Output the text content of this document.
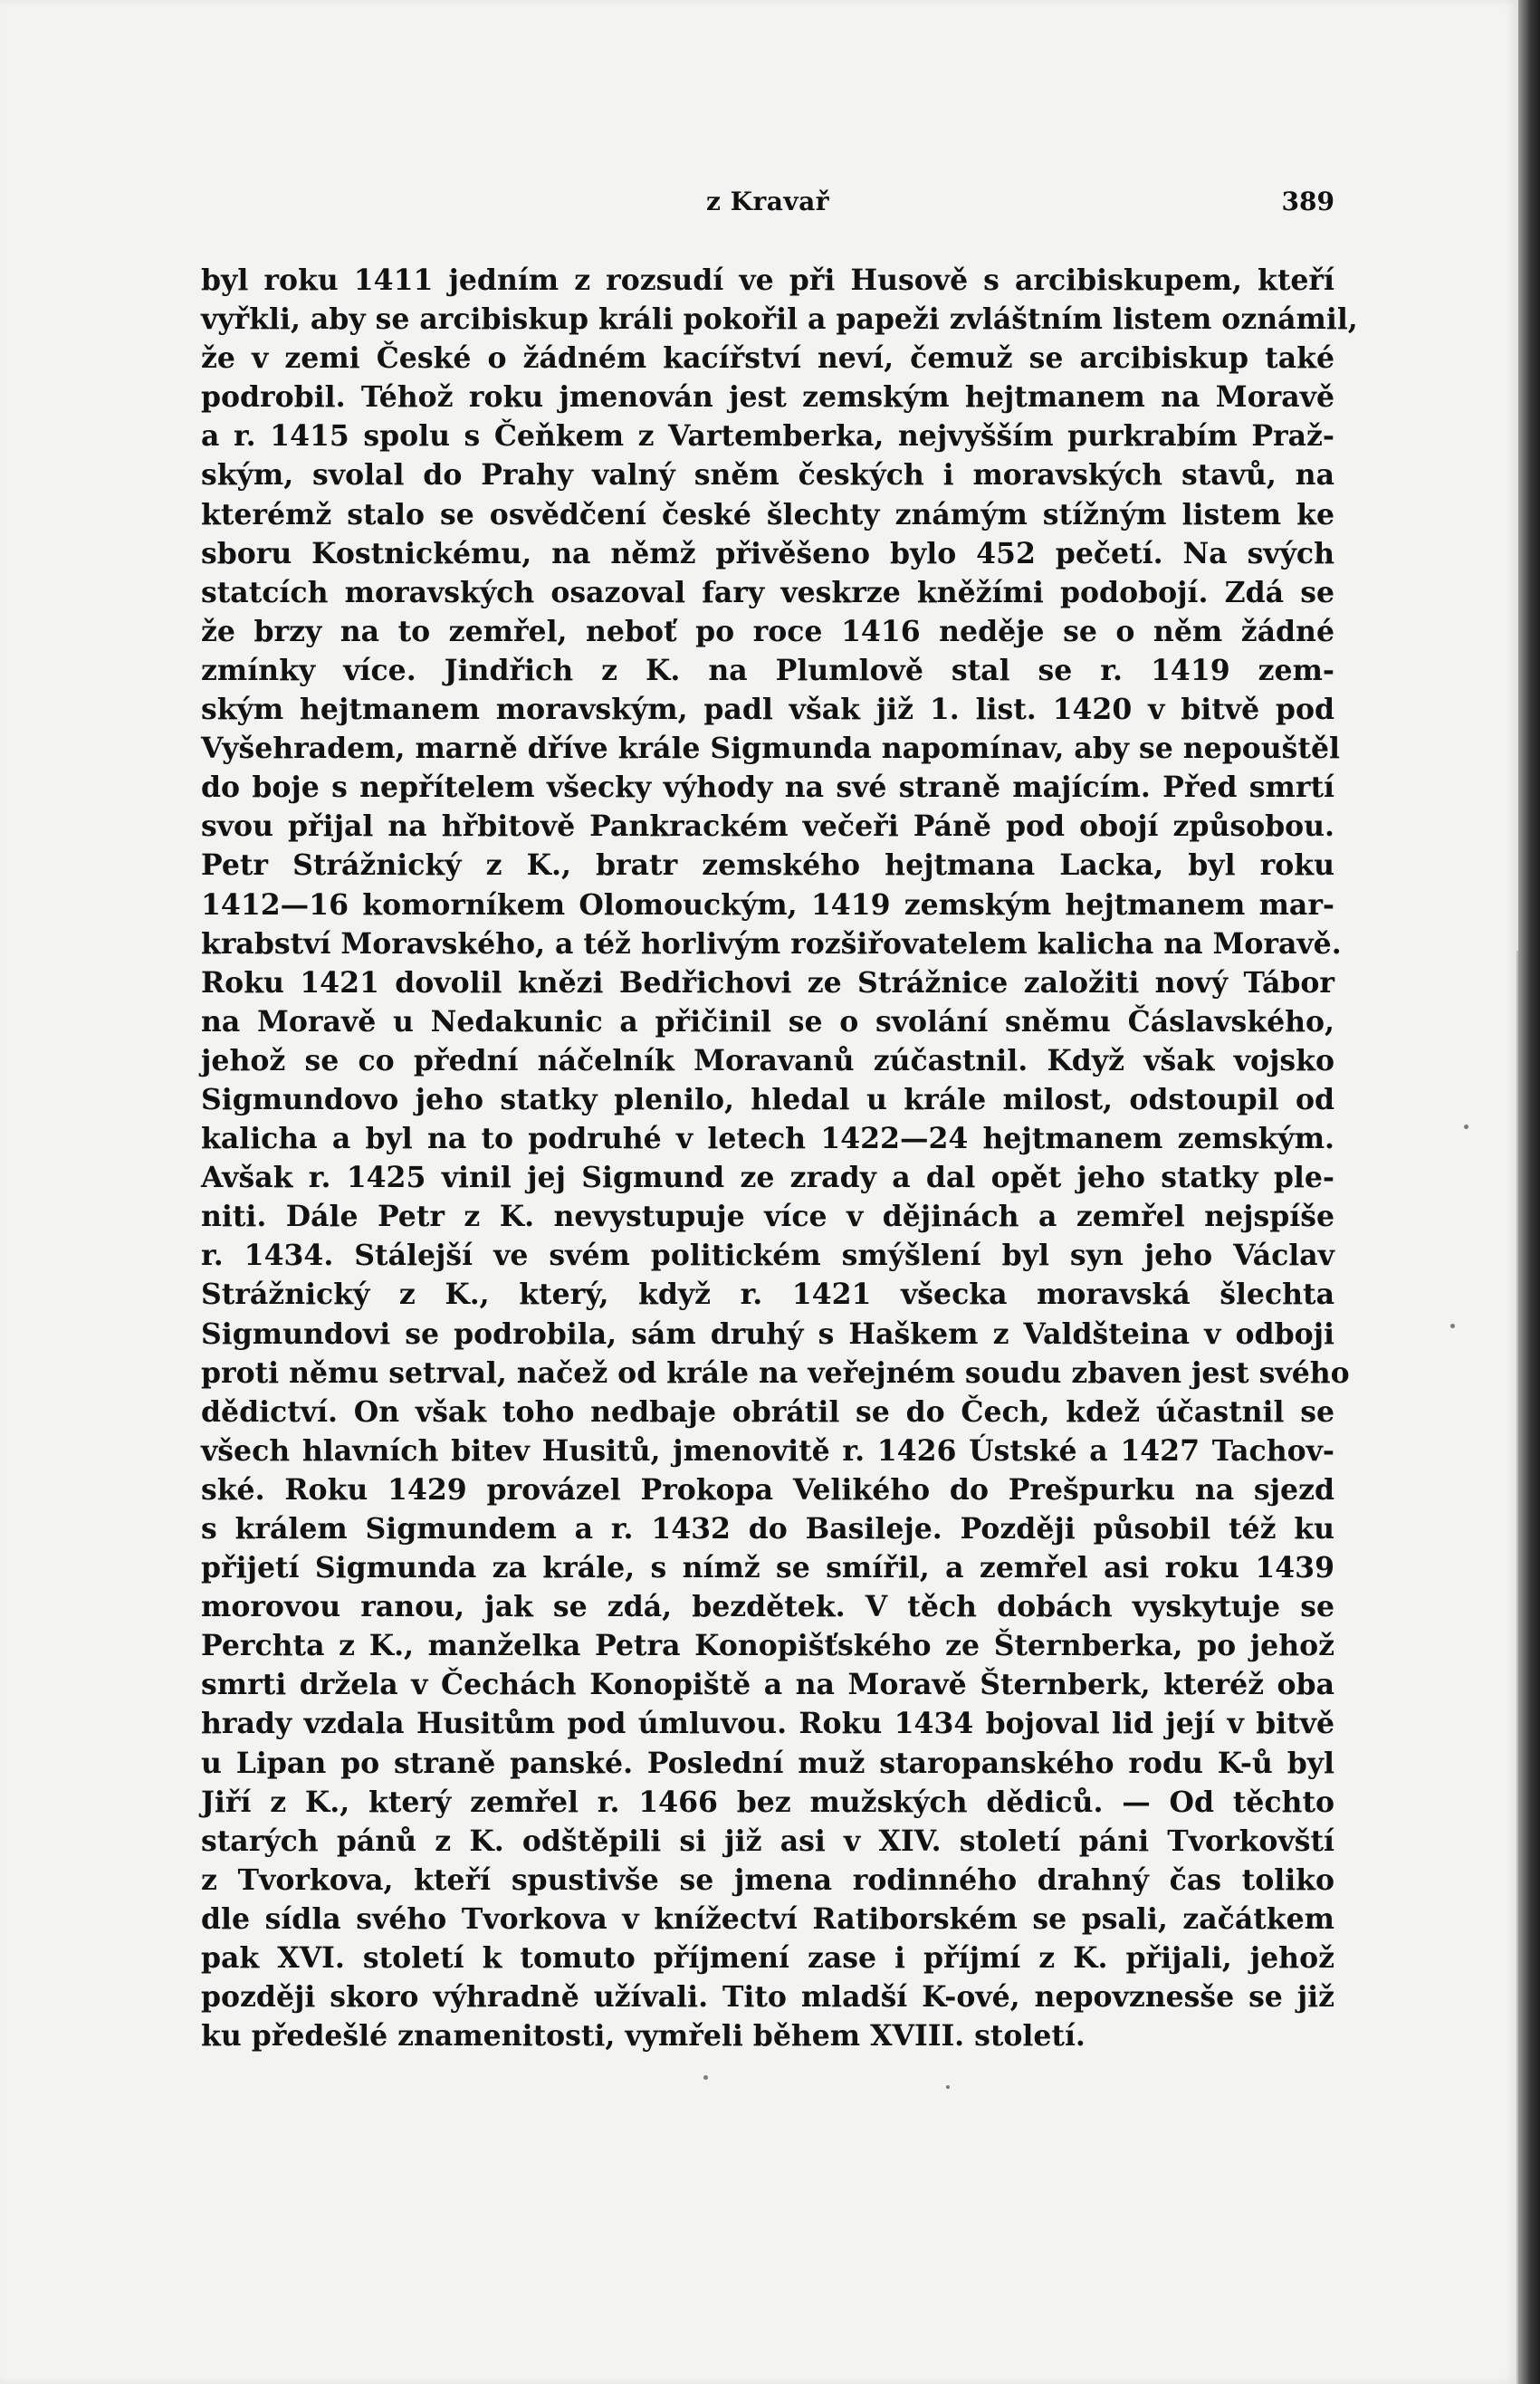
z Kravař	389
byl roku 1411 jedním z rozsudí ve při Husově s arcibiskupem, kteří
vyřkli, aby se arcibiskup králi pokořil a papeži zvláštním listem oznámil,
že v zemi České o žádném kacířství neví, čemuž se arcibiskup také
podrobil. Téhož roku jmenován jest zemským hejtmanem na Moravě
a r. 1415 spolu s Čeňkem z Vartemberka, nejvyšším purkrabím Praž-
ským, svolal do Prahy valný sněm českých i moravských stavů, na
kterémž stalo se osvědčení české šlechty známým stížným listem ke
sboru Kostnickému, na němž přivěšeno bylo 452 pečetí. Na svých
statcích moravských osazoval fary veskrze kněžími podobojí. Zdá se
že brzy na to zemřel, neboť po roce 1416 neděje se o něm žádné
zmínky více. Jindřich z K. na Plumlově stal se r. 1419 zem-
ským hejtmanem moravským, padl však již 1. list. 1420 v bitvě pod
Vyšehradem, marně dříve krále Sigmunda napomínav, aby se nepouštěl
do boje s nepřítelem všecky výhody na své straně majícím. Před smrtí
svou přijal na hřbitově Pankrackém večeři Páně pod obojí způsobou.
Petr Strážnický z K., bratr zemského hejtmana Lacka, byl roku
1412—16 komorníkem Olomouckým, 1419 zemským hejtmanem mar-
krabství Moravského, a též horlivým rozšiřovatelem kalicha na Moravě.
Roku 1421 dovolil knězi Bedřichovi ze Strážnice založiti nový Tábor
na Moravě u Nedakunic a přičinil se o svolání sněmu Čáslavského,
jehož se co přední náčelník Moravanů zúčastnil. Když však vojsko
Sigmundovo jeho statky plenilo, hledal u krále milost, odstoupil od
kalicha a byl na to podruhé v letech 1422—24 hejtmanem zemským.
Avšak r. 1425 vinil jej Sigmund ze zrady a dal opět jeho statky ple-
niti. Dále Petr z K. nevystupuje více v dějinách a zemřel nejspíše
r. 1434. Stálejší ve svém politickém smýšlení byl syn jeho Václav
Strážnický z K., který, když r. 1421 všecka moravská šlechta
Sigmundovi se podrobila, sám druhý s Haškem z Valdšteina v odboji
proti němu setrval, načež od krále na veřejném soudu zbaven jest svého
dědictví. On však toho nedbaje obrátil se do Čech, kdež účastnil se
všech hlavních bitev Husitů, jmenovitě r. 1426 Ústské a 1427 Tachov-
ské. Roku 1429 provázel Prokopa Velikého do Prešpurku na sjezd
s králem Sigmundem a r. 1432 do Basileje. Později působil též ku
přijetí Sigmunda za krále, s nímž se smířil, a zemřel asi roku 1439
morovou ranou, jak se zdá, bezdětek. V těch dobách vyskytuje se
Perchta z K., manželka Petra Konopišťského ze Šternberka, po jehož
smrti držela v Čechách Konopiště a na Moravě Šternberk, kteréž oba
hrady vzdala Husitům pod úmluvou. Roku 1434 bojoval lid její v bitvě
u Lipan po straně panské. Poslední muž staropanského rodu K-ů byl
Jiří z K., který zemřel r. 1466 bez mužských dědiců. — Od těchto
starých pánů z K. odštěpili si již asi v XIV. století páni Tvorkovští
z Tvorkova, kteří spustivše se jmena rodinného drahný čas toliko
dle sídla svého Tvorkova v knížectví Ratiborském se psali, začátkem
pak XVI. století k tomuto příjmení zase i příjmí z K. přijali, jehož
později skoro výhradně užívali. Tito mladší K-ové, nepovznesše se již
ku předešlé znamenitosti, vymřeli během XVIII. století.
